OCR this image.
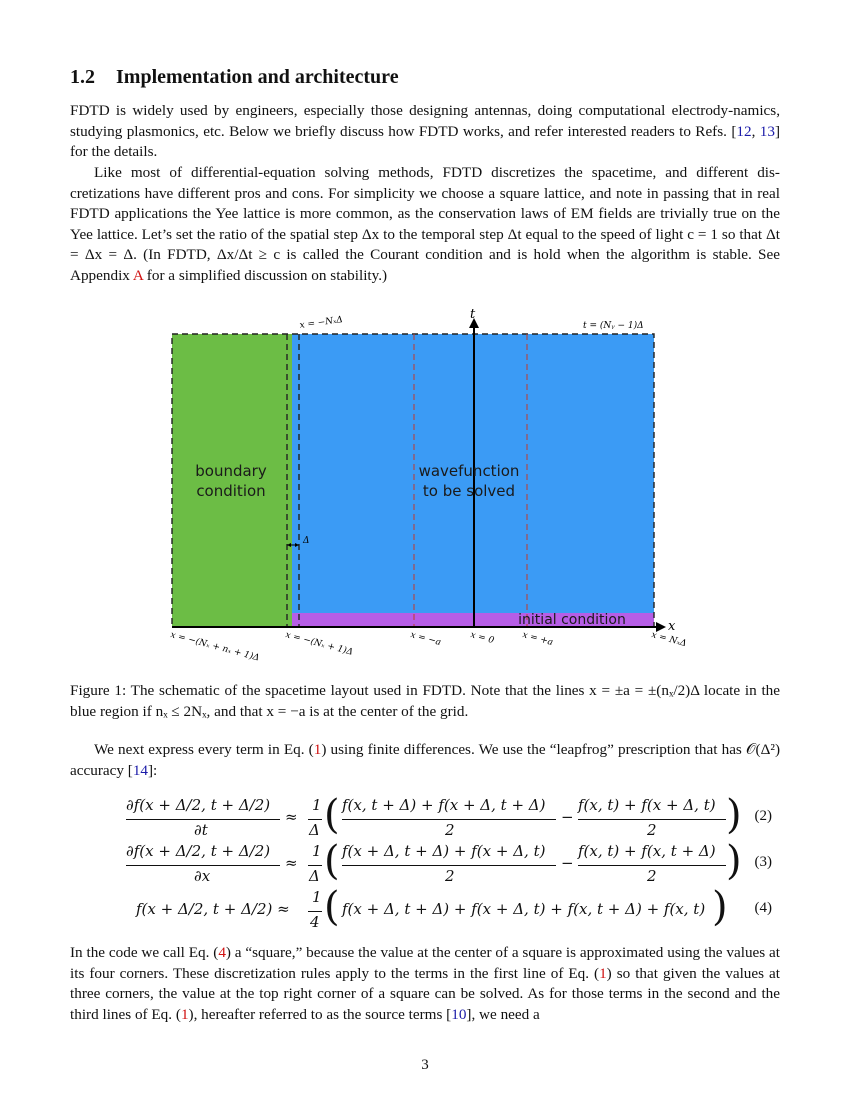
1.2 Implementation and architecture

FDTD is widely used by engineers, especially those designing antennas, doing computational electrody-namics, studying plasmonics, etc. Below we briefly discuss how FDTD works, and refer interested readers to Refs. [12, 13] for the details.

Like most of differential-equation solving methods, FDTD discretizes the spacetime, and different dis-cretizations have different pros and cons. For simplicity we choose a square lattice, and note in passing that in real FDTD applications the Yee lattice is more common, as the conservation laws of EM fields are trivially true on the Yee lattice. Let’s set the ratio of the spatial step Δx to the temporal step Δt equal to the speed of light c = 1 so that Δt = Δx = Δ. (In FDTD, Δx/Δt ≥ c is called the Courant condition and is hold when the algorithm is stable. See Appendix A for a simplified discussion on stability.)

t
x
boundary
condition
wavefunction
to be solved
initial condition
x = −NₓΔ	t = (Nᵧ − 1)Δ
Δ
x = −(Nₓ + nₓ + 1)Δ	x = −(Nₓ + 1)Δ	x = −a	x = 0	x = +a	x = NₓΔ

Figure 1: The schematic of the spacetime layout used in FDTD. Note that the lines x = ±a = ±(nₓ/2)Δ locate in the blue region if nₓ ≤ 2Nₓ, and that x = −a is at the center of the grid.

We next express every term in Eq. (1) using finite differences. We use the “leapfrog” prescription that has 𝒪(Δ²) accuracy [14]:

∂f(x + Δ/2, t + Δ/2)
∂t
≈
1
Δ ( f(x, t + Δ) + f(x + Δ, t + Δ)
2
−
f(x, t) + f(x + Δ, t)
2 ) (2)
∂f(x + Δ/2, t + Δ/2)
∂x
≈
1
Δ ( f(x + Δ, t + Δ) + f(x + Δ, t)
2
−
f(x, t) + f(x, t + Δ)
2 ) (3)
f(x + Δ/2, t + Δ/2) ≈
1
4 ( f(x + Δ, t + Δ) + f(x + Δ, t) + f(x, t + Δ) + f(x, t) ) (4)

In the code we call Eq. (4) a “square,” because the value at the center of a square is approximated using the values at its four corners. These discretization rules apply to the terms in the first line of Eq. (1) so that given the values at three corners, the value at the top right corner of a square can be solved. As for those terms in the second and the third lines of Eq. (1), hereafter referred to as the source terms [10], we need a

3
